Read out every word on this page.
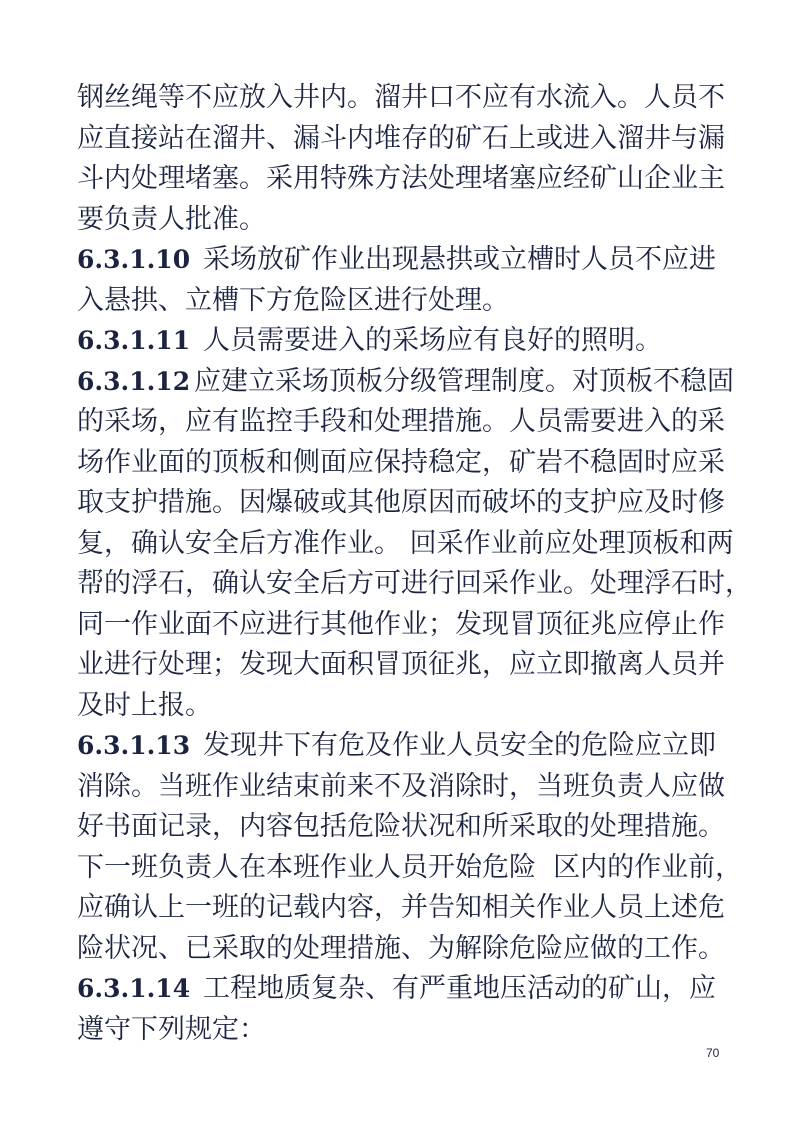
钢丝绳等不应放入井内。溜井口不应有水流入。人员不
应直接站在溜井、漏斗内堆存的矿石上或进入溜井与漏
斗内处理堵塞。采用特殊方法处理堵塞应经矿山企业主
要负责人批准。
6.3.1.10 采场放矿作业出现悬拱或立槽时人员不应进
入悬拱、立槽下方危险区进行处理。
6.3.1.11 人员需要进入的采场应有良好的照明。
6.3.1.12 应建立采场顶板分级管理制度。对顶板不稳固
的采场，应有监控手段和处理措施。人员需要进入的采
场作业面的顶板和侧面应保持稳定，矿岩不稳固时应采
取支护措施。因爆破或其他原因而破坏的支护应及时修
复，确认安全后方准作业。 回采作业前应处理顶板和两
帮的浮石，确认安全后方可进行回采作业。处理浮石时，
同一作业面不应进行其他作业；发现冒顶征兆应停止作
业进行处理；发现大面积冒顶征兆，应立即撤离人员并
及时上报。
6.3.1.13 发现井下有危及作业人员安全的危险应立即
消除。当班作业结束前来不及消除时，当班负责人应做
好书面记录，内容包括危险状况和所采取的处理措施。
下一班负责人在本班作业人员开始危险  区内的作业前，
应确认上一班的记载内容，并告知相关作业人员上述危
险状况、已采取的处理措施、为解除危险应做的工作。
6.3.1.14 工程地质复杂、有严重地压活动的矿山，应
遵守下列规定：
70
